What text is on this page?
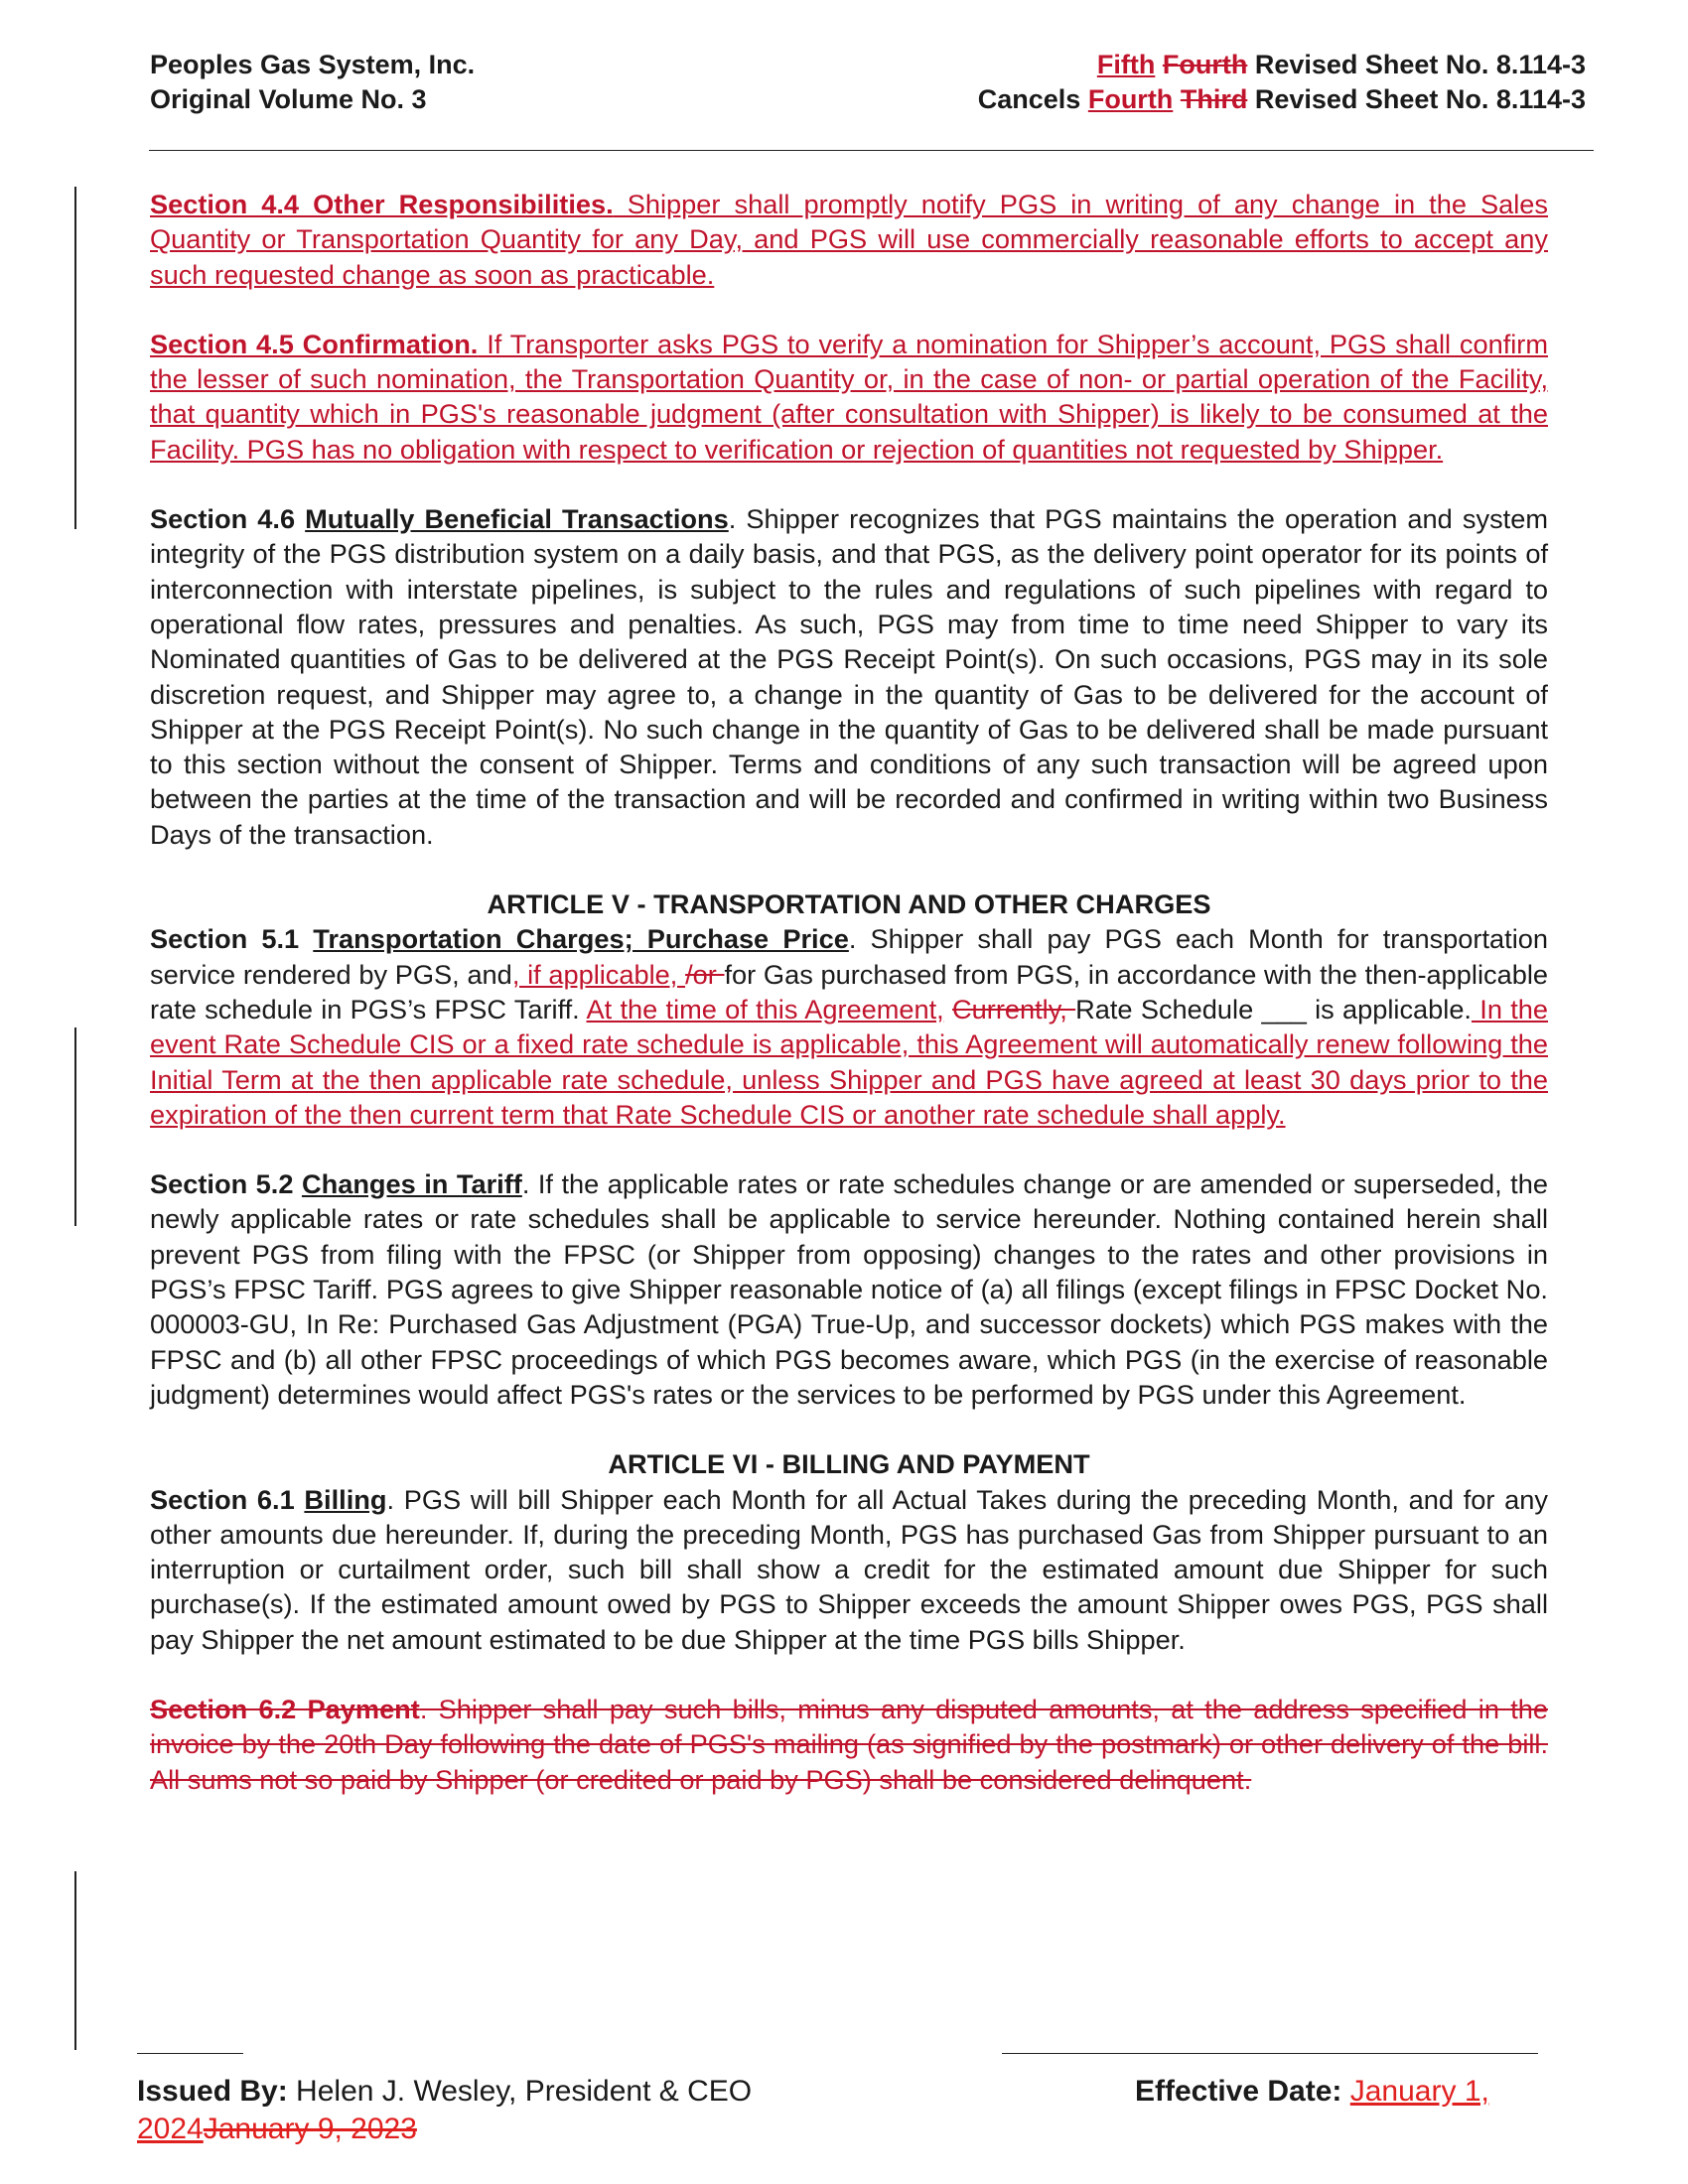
Peoples Gas System, Inc.
Original Volume No. 3
Fifth Fourth Revised Sheet No. 8.114-3
Cancels Fourth Third Revised Sheet No. 8.114-3

Section 4.4 Other Responsibilities. Shipper shall promptly notify PGS in writing of any change in the Sales Quantity or Transportation Quantity for any Day, and PGS will use commercially reasonable efforts to accept any such requested change as soon as practicable.

Section 4.5 Confirmation. If Transporter asks PGS to verify a nomination for Shipper’s account, PGS shall confirm the lesser of such nomination, the Transportation Quantity or, in the case of non- or partial operation of the Facility, that quantity which in PGS's reasonable judgment (after consultation with Shipper) is likely to be consumed at the Facility. PGS has no obligation with respect to verification or rejection of quantities not requested by Shipper.

Section 4.6 Mutually Beneficial Transactions. Shipper recognizes that PGS maintains the operation and system integrity of the PGS distribution system on a daily basis, and that PGS, as the delivery point operator for its points of interconnection with interstate pipelines, is subject to the rules and regulations of such pipelines with regard to operational flow rates, pressures and penalties. As such, PGS may from time to time need Shipper to vary its Nominated quantities of Gas to be delivered at the PGS Receipt Point(s). On such occasions, PGS may in its sole discretion request, and Shipper may agree to, a change in the quantity of Gas to be delivered for the account of Shipper at the PGS Receipt Point(s). No such change in the quantity of Gas to be delivered shall be made pursuant to this section without the consent of Shipper. Terms and conditions of any such transaction will be agreed upon between the parties at the time of the transaction and will be recorded and confirmed in writing within two Business Days of the transaction.

ARTICLE V - TRANSPORTATION AND OTHER CHARGES

Section 5.1 Transportation Charges; Purchase Price. Shipper shall pay PGS each Month for transportation service rendered by PGS, and, if applicable, /or for Gas purchased from PGS, in accordance with the then-applicable rate schedule in PGS’s FPSC Tariff. At the time of this Agreement, Currently, Rate Schedule ___ is applicable. In the event Rate Schedule CIS or a fixed rate schedule is applicable, this Agreement will automatically renew following the Initial Term at the then applicable rate schedule, unless Shipper and PGS have agreed at least 30 days prior to the expiration of the then current term that Rate Schedule CIS or another rate schedule shall apply.

Section 5.2 Changes in Tariff. If the applicable rates or rate schedules change or are amended or superseded, the newly applicable rates or rate schedules shall be applicable to service hereunder. Nothing contained herein shall prevent PGS from filing with the FPSC (or Shipper from opposing) changes to the rates and other provisions in PGS’s FPSC Tariff. PGS agrees to give Shipper reasonable notice of (a) all filings (except filings in FPSC Docket No. 000003-GU, In Re: Purchased Gas Adjustment (PGA) True-Up, and successor dockets) which PGS makes with the FPSC and (b) all other FPSC proceedings of which PGS becomes aware, which PGS (in the exercise of reasonable judgment) determines would affect PGS's rates or the services to be performed by PGS under this Agreement.

ARTICLE VI - BILLING AND PAYMENT

Section 6.1 Billing. PGS will bill Shipper each Month for all Actual Takes during the preceding Month, and for any other amounts due hereunder. If, during the preceding Month, PGS has purchased Gas from Shipper pursuant to an interruption or curtailment order, such bill shall show a credit for the estimated amount due Shipper for such purchase(s). If the estimated amount owed by PGS to Shipper exceeds the amount Shipper owes PGS, PGS shall pay Shipper the net amount estimated to be due Shipper at the time PGS bills Shipper.

Section 6.2 Payment. Shipper shall pay such bills, minus any disputed amounts, at the address specified in the invoice by the 20th Day following the date of PGS's mailing (as signified by the postmark) or other delivery of the bill. All sums not so paid by Shipper (or credited or paid by PGS) shall be considered delinquent.

Issued By: Helen J. Wesley, President & CEO	Effective Date: January 1,
2024January 9, 2023
